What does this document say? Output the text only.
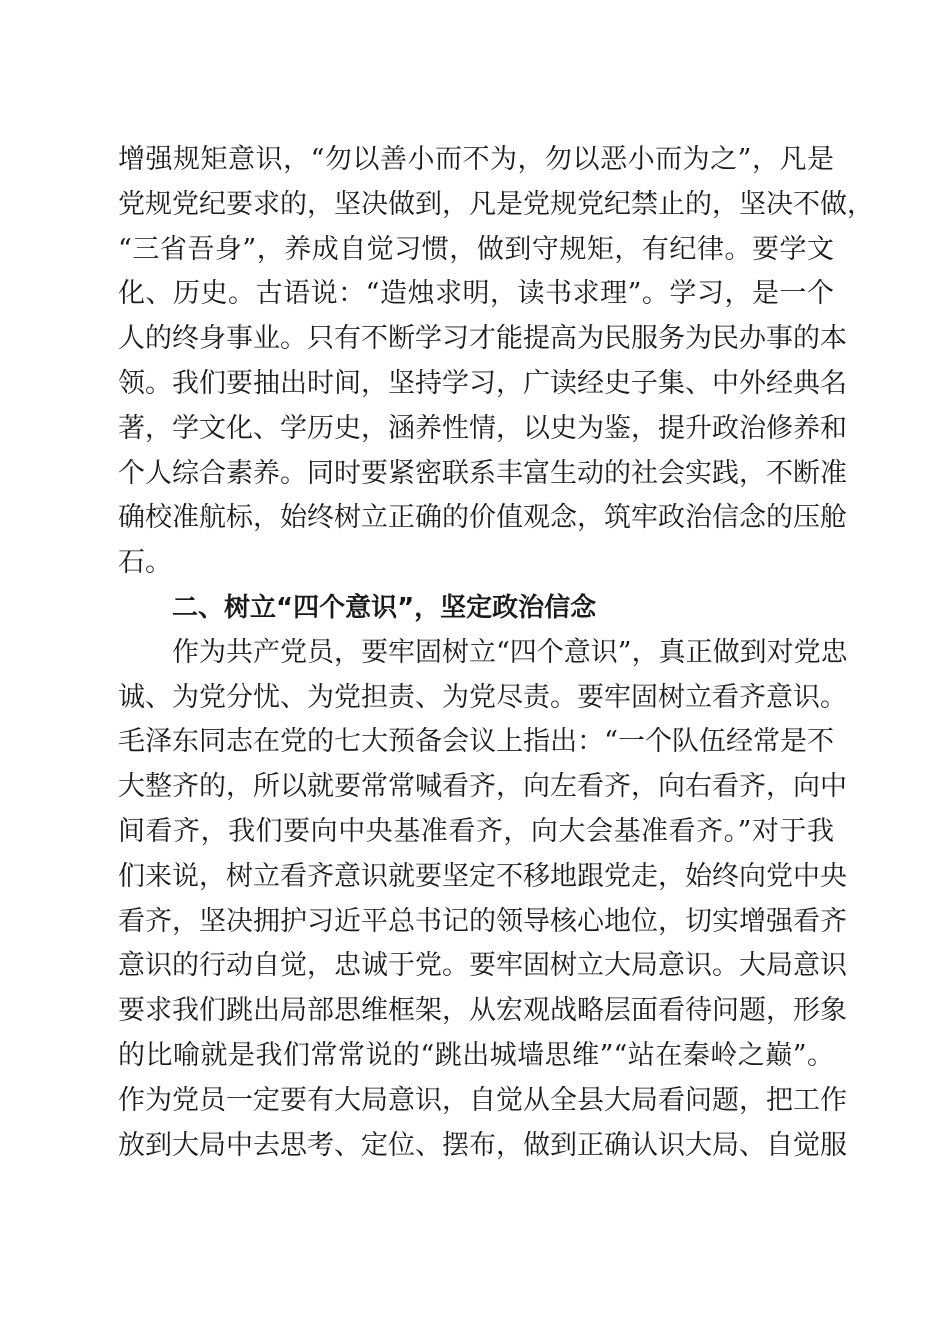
增强规矩意识，“勿以善小而不为，勿以恶小而为之”，凡是
党规党纪要求的，坚决做到，凡是党规党纪禁止的，坚决不做，
“三省吾身”，养成自觉习惯，做到守规矩，有纪律。要学文
化、历史。古语说：“造烛求明，读书求理”。学习，是一个
人的终身事业。只有不断学习才能提高为民服务为民办事的本
领。我们要抽出时间，坚持学习，广读经史子集、中外经典名
著，学文化、学历史，涵养性情，以史为鉴，提升政治修养和
个人综合素养。同时要紧密联系丰富生动的社会实践，不断准
确校准航标，始终树立正确的价值观念，筑牢政治信念的压舱
石。
二、树立“四个意识”，坚定政治信念
作为共产党员，要牢固树立“四个意识”，真正做到对党忠
诚、为党分忧、为党担责、为党尽责。要牢固树立看齐意识。
毛泽东同志在党的七大预备会议上指出：“一个队伍经常是不
大整齐的，所以就要常常喊看齐，向左看齐，向右看齐，向中
间看齐，我们要向中央基准看齐，向大会基准看齐。”对于我
们来说，树立看齐意识就要坚定不移地跟党走，始终向党中央
看齐，坚决拥护习近平总书记的领导核心地位，切实增强看齐
意识的行动自觉，忠诚于党。要牢固树立大局意识。大局意识
要求我们跳出局部思维框架，从宏观战略层面看待问题，形象
的比喻就是我们常常说的“跳出城墙思维”“站在秦岭之巅”。
作为党员一定要有大局意识，自觉从全县大局看问题，把工作
放到大局中去思考、定位、摆布，做到正确认识大局、自觉服
